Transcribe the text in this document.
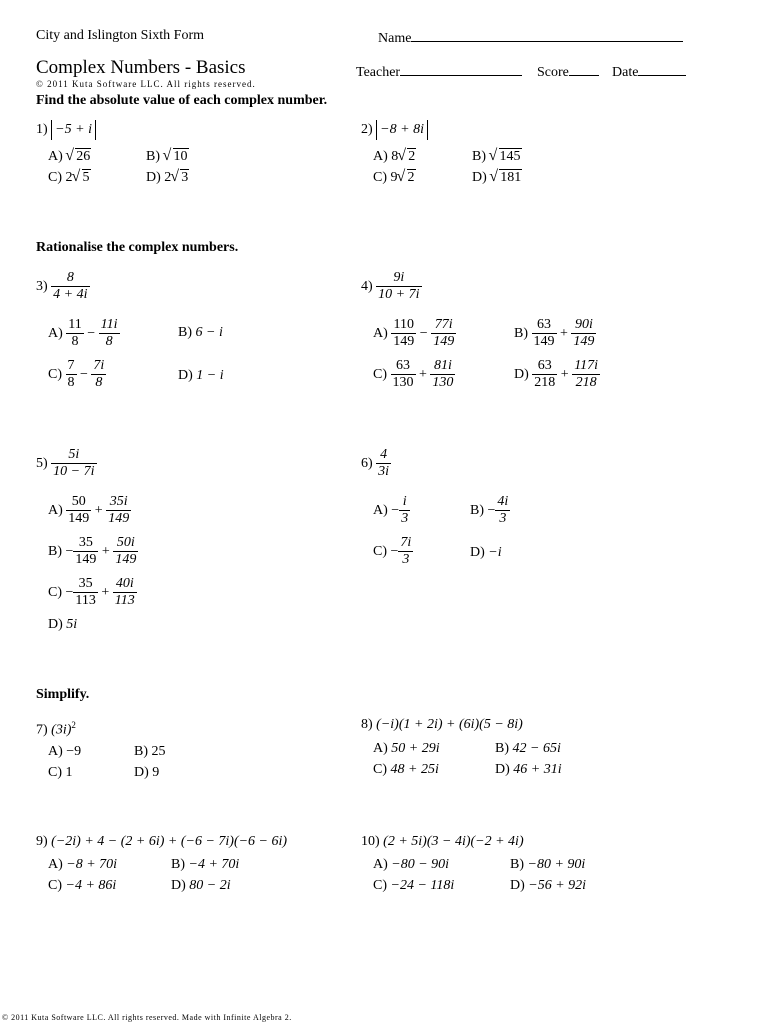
City and Islington Sixth Form	Name
Complex Numbers - Basics	Teacher	Score	Date
© 2011 Kuta Software LLC. All rights reserved.
Find the absolute value of each complex number.
1)
−5 + i
A) √ 26	B) √ 10
C) 2 √ 5	D) 2 √ 3
2)
−8 + 8i
A) 8 √ 2	B) √ 145
C) 9 √ 2	D) √ 181
Rationalise the complex numbers.
3)
$\frac{8}{4 + 4i}$
A)
$\frac{11}{8}$
−
$\frac{11i}{8}$	B) 6 − i
C)
$\frac{7}{8}$
−
$\frac{7i}{8}$	D) 1 − i
4)
$\frac{9i}{10 + 7i}$
A)
$\frac{110}{149}$
−
$\frac{77i}{149}$	B)
$\frac{63}{149}$
+
$\frac{90i}{149}$
C)
$\frac{63}{130}$
+
$\frac{81i}{130}$	D)
$\frac{63}{218}$
+
$\frac{117i}{218}$
5)
$\frac{5i}{10 - 7i}$
A)
$\frac{50}{149}$
+
$\frac{35i}{149}$
B)
− $\frac{35}{149}$
+
$\frac{50i}{149}$
C)
− $\frac{35}{113}$
+
$\frac{40i}{113}$
D) 5i
6)
$\frac{4}{3i}$
A)
− $\frac{i}{3}$	B)
− $\frac{4i}{3}$
C)
− $\frac{7i}{3}$	D) −i
Simplify.
7) $(3i)^2$
A) −9	B) 25
C) 1	D) 9
8) (−i)(1 + 2i) + (6i)(5 − 8i)
A) 50 + 29i	B) 42 − 65i
C) 48 + 25i	D) 46 + 31i
9) (−2i) + 4 − (2 + 6i) + (−6 − 7i)(−6 − 6i)
A) −8 + 70i	B) −4 + 70i
C) −4 + 86i	D) 80 − 2i
10) (2 + 5i)(3 − 4i)(−2 + 4i)
A) −80 − 90i	B) −80 + 90i
C) −24 − 118i	D) −56 + 92i
© 2011 Kuta Software LLC. All rights reserved. Made with Infinite Algebra 2.
